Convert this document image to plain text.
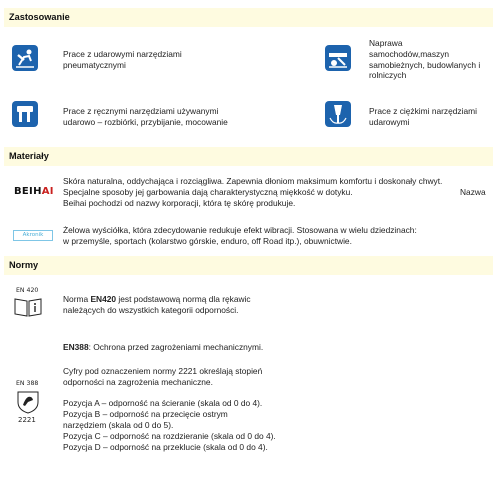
Zastosowanie
Prace z udarowymi narzędziami
pneumatycznymi
Naprawa
samochodów,maszyn
samobieżnych, budowlanych i
rolniczych
Prace z ręcznymi narzędziami używanymi
udarowo – rozbiórki, przybijanie, mocowanie
Prace z ciężkimi narzędziami
udarowymi
Materiały
BEIHAI
Skóra naturalna, oddychająca i rozciągliwa. Zapewnia dłoniom maksimum komfortu i doskonały chwyt.
Specjalne sposoby jej garbowania dają charakterystyczną miękkość w dotyku.
Beihai pochodzi od nazwy korporacji, która tę skórę produkuje.
Nazwa
Akronik	Żelowa wyściółka, która zdecydowanie redukuje efekt wibracji. Stosowana w wielu dziedzinach:
w przemyśle, sportach (kolarstwo górskie, enduro, off Road itp.), obuwnictwie.
Normy
EN 420
Norma EN420 jest podstawową normą dla rękawic
należących do wszystkich kategorii odporności.
EN388: Ochrona przed zagrożeniami mechanicznymi.
EN 388
2221
Cyfry pod oznaczeniem normy 2221 określają stopień
odporności na zagrożenia mechaniczne.
Pozycja A – odporność na ścieranie (skala od 0 do 4).
Pozycja B – odporność na przecięcie ostrym
narzędziem (skala od 0 do 5).
Pozycja C – odporność na rozdzieranie (skala od 0 do 4).
Pozycja D – odporność na przeklucie (skala od 0 do 4).
